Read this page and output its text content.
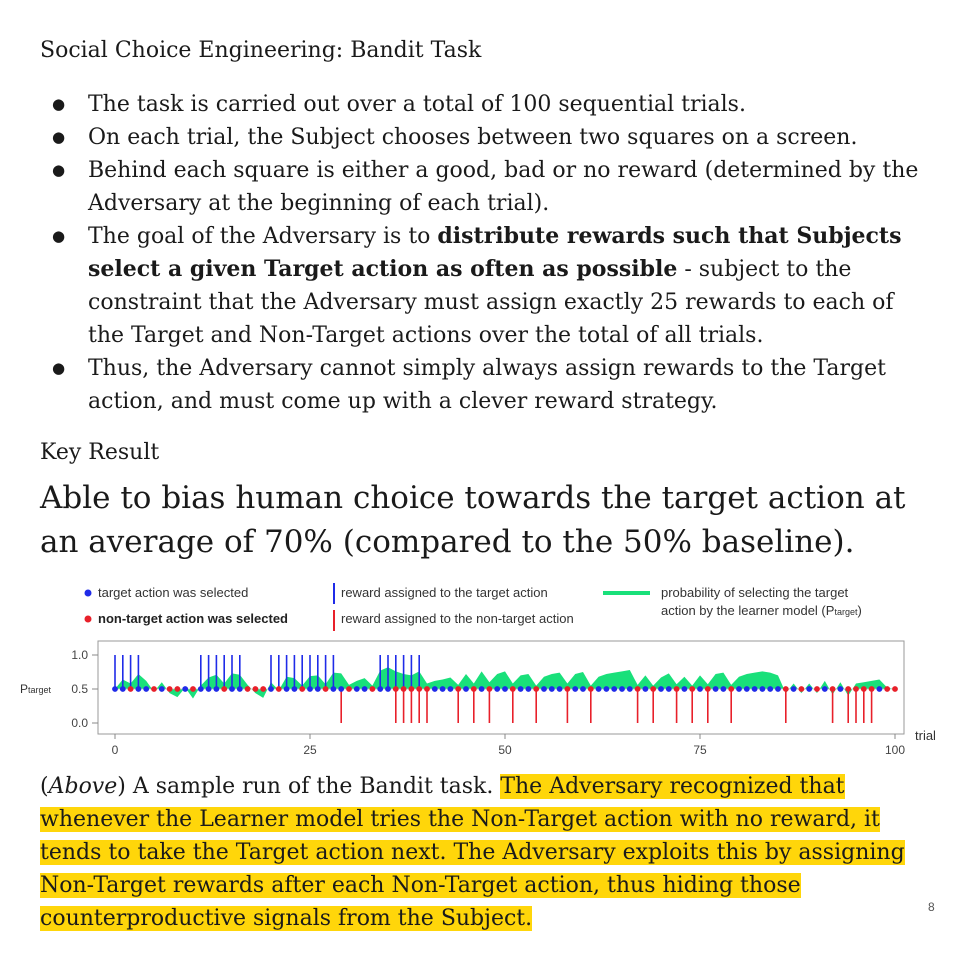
Social Choice Engineering: Bandit Task
● The task is carried out over a total of 100 sequential trials.
● On each trial, the Subject chooses between two squares on a screen.
● Behind each square is either a good, bad or no reward (determined by the Adversary at the beginning of each trial).
● The goal of the Adversary is to distribute rewards such that Subjects select a given Target action as often as possible - subject to the constraint that the Adversary must assign exactly 25 rewards to each of the Target and Non-Target actions over the total of all trials.
● Thus, the Adversary cannot simply always assign rewards to the Target action, and must come up with a clever reward strategy.
Key Result
Able to bias human choice towards the target action at an average of 70% (compared to the 50% baseline).
target action was selected
non-target action was selected
reward assigned to the target action
reward assigned to the non-target action
probability of selecting the target
action by the learner model (Ptarget)
1.0
0.5
0.0
Ptarget
0	25	50	75	100
trial
(Above) A sample run of the Bandit task. The Adversary recognized that whenever the Learner model tries the Non-Target action with no reward, it tends to take the Target action next. The Adversary exploits this by assigning Non-Target rewards after each Non-Target action, thus hiding those counterproductive signals from the Subject.	8
